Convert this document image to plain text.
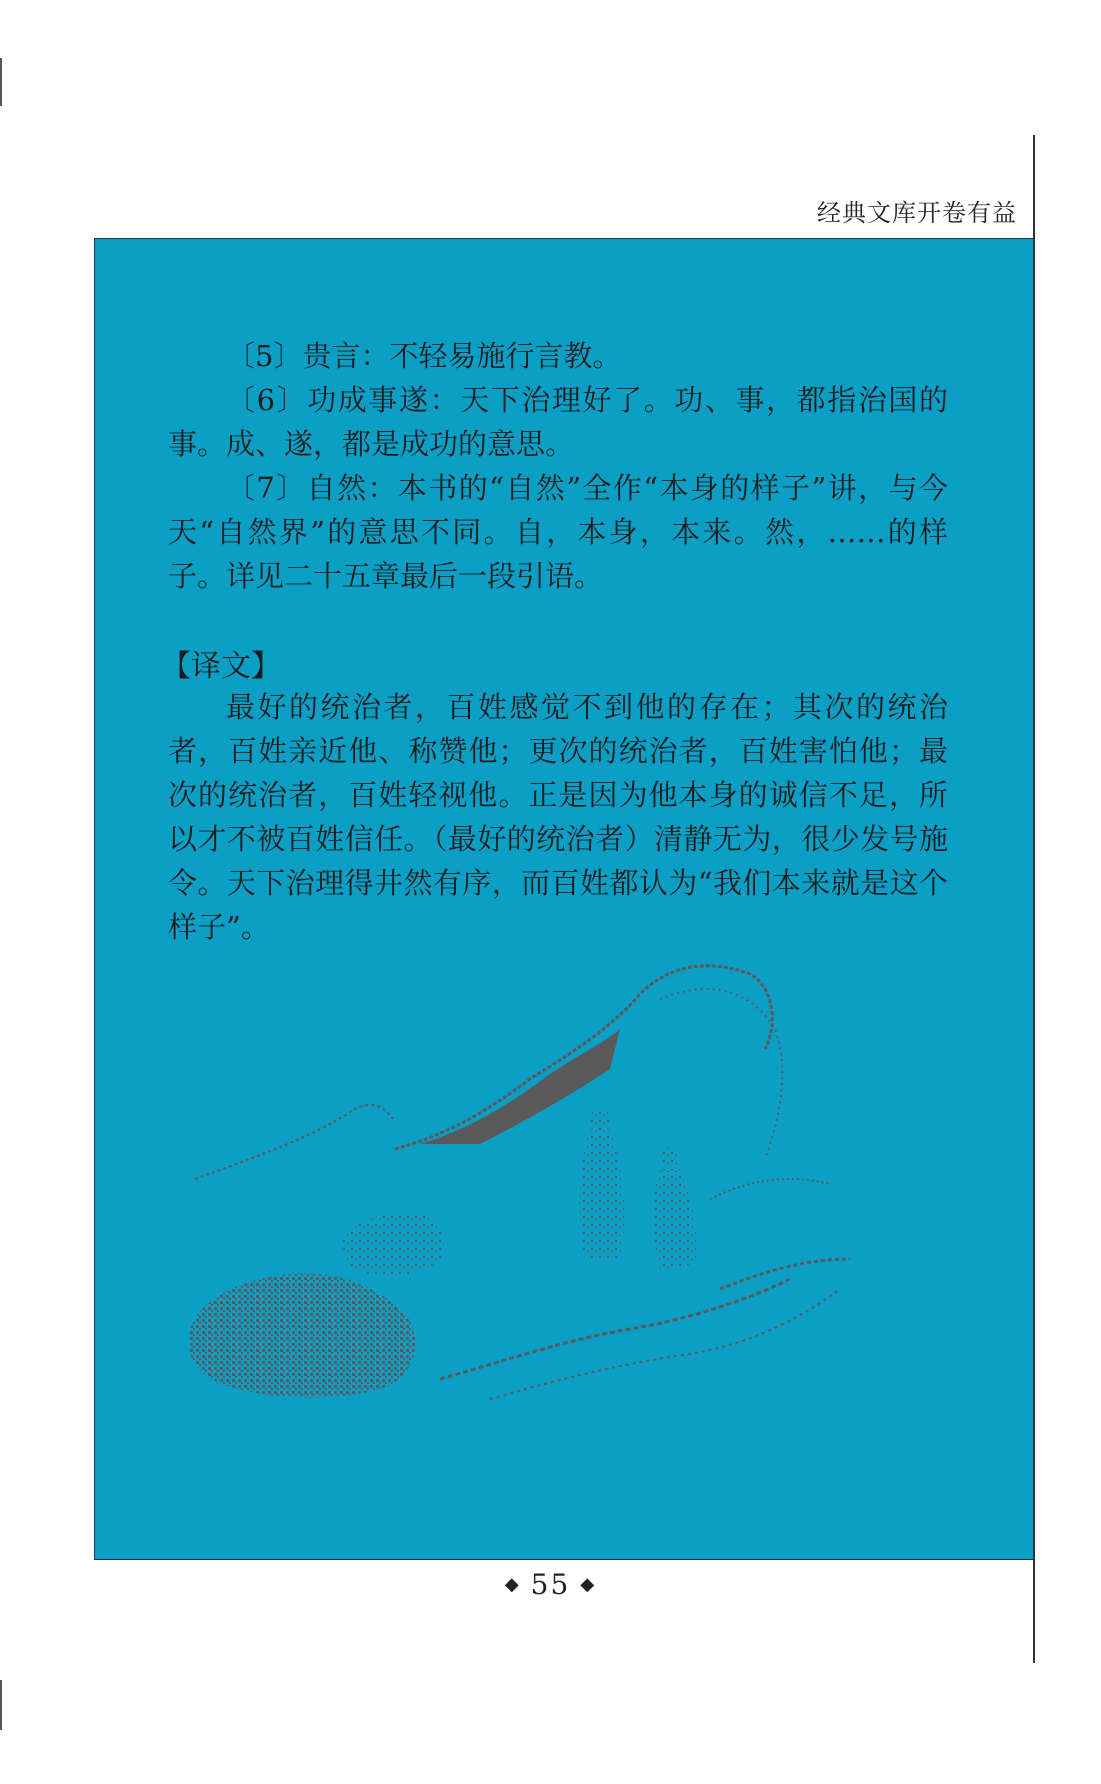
经典文库开卷有益

〔5〕贵言：不轻易施行言教。

〔6〕功成事遂：天下治理好了。功、事，都指治国的事。成、遂，都是成功的意思。

〔7〕自然：本书的“自然”全作“本身的样子”讲，与今天“自然界”的意思不同。自，本身，本来。然，……的样子。详见二十五章最后一段引语。

【译文】

最好的统治者，百姓感觉不到他的存在；其次的统治者，百姓亲近他、称赞他；更次的统治者，百姓害怕他；最次的统治者，百姓轻视他。正是因为他本身的诚信不足，所以才不被百姓信任。（最好的统治者）清静无为，很少发号施令。天下治理得井然有序，而百姓都认为“我们本来就是这个样子”。

◆ 55 ◆
